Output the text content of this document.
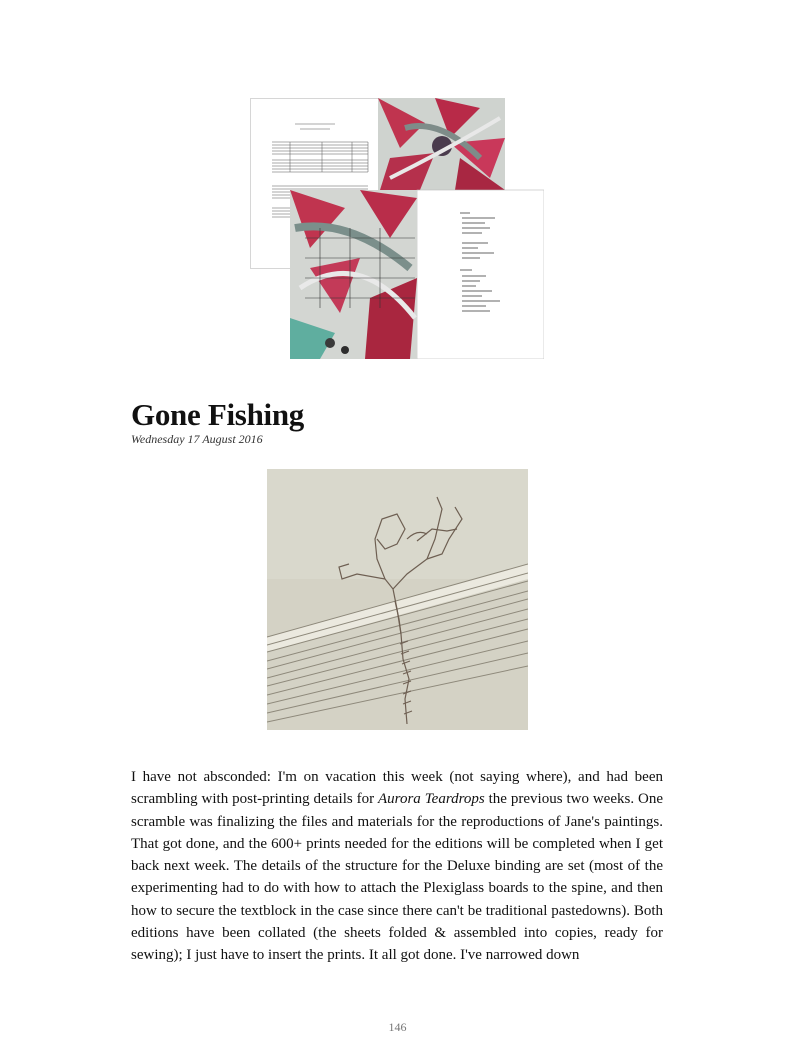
Gone Fishing
Wednesday 17 August 2016

I have not absconded: I'm on vacation this week (not saying where), and had been scrambling with post-printing details for Aurora Teardrops the previous two weeks. One scramble was finalizing the files and materials for the reproductions of Jane's paintings. That got done, and the 600+ prints needed for the editions will be completed when I get back next week. The details of the structure for the Deluxe binding are set (most of the experimenting had to do with how to attach the Plexiglass boards to the spine, and then how to secure the textblock in the case since there can't be traditional pastedowns). Both editions have been collated (the sheets folded & assembled into copies, ready for sewing); I just have to insert the prints. It all got done. I've narrowed down

146
